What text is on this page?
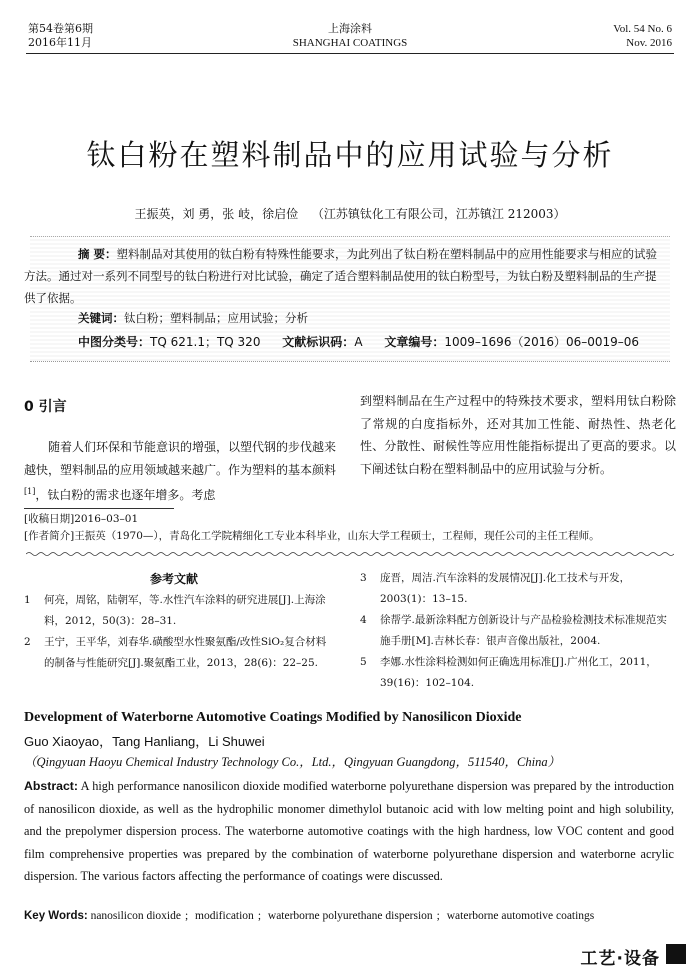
第54卷第6期
2016年11月
上海涂料
SHANGHAI COATINGS
Vol. 54 No. 6
Nov. 2016
钛白粉在塑料制品中的应用试验与分析
王振英，刘 勇，张 岐，徐启俭 （江苏镇钛化工有限公司，江苏镇江 212003）
摘 要：塑料制品对其使用的钛白粉有特殊性能要求，为此列出了钛白粉在塑料制品中的应用性能要求与相应的试验方法。通过对一系列不同型号的钛白粉进行对比试验，确定了适合塑料制品使用的钛白粉型号，为钛白粉及塑料制品的生产提供了依据。
关键词：钛白粉；塑料制品；应用试验；分析
中图分类号：TQ 621.1；TQ 320 文献标识码：A 文章编号：1009–1696（2016）06–0019–06
0 引言
随着人们环保和节能意识的增强，以塑代钢的步伐越来越快，塑料制品的应用领域越来越广。作为塑料的基本颜料[1]，钛白粉的需求也逐年增多。考虑
到塑料制品在生产过程中的特殊技术要求，塑料用钛白粉除了常规的白度指标外，还对其加工性能、耐热性、热老化性、分散性、耐候性等应用性能指标提出了更高的要求。以下阐述钛白粉在塑料制品中的应用试验与分析。
[收稿日期]2016–03–01
[作者简介]王振英（1970—），青岛化工学院精细化工专业本科毕业，山东大学工程硕士，工程师，现任公司的主任工程师。
参考文献
1	何亮，周铭，陆朝军，等.水性汽车涂料的研究进展[J].上海涂料，2012，50(3)：28–31.
2	王宁，王平华，刘春华.磺酸型水性聚氨酯/改性SiO₂复合材料的制备与性能研究[J].聚氨酯工业，2013，28(6)：22–25.
3	庞晋，周洁.汽车涂料的发展情况[J].化工技术与开发，2003(1)：13–15.
4	徐帮学.最新涂料配方创新设计与产品检验检测技术标准规范实施手册[M].吉林长春：银声音像出版社，2004.
5	李娜.水性涂料检测如何正确选用标准[J].广州化工，2011，39(16)：102–104.
Development of Waterborne Automotive Coatings Modified by Nanosilicon Dioxide
Guo Xiaoyao，Tang Hanliang，Li Shuwei
（Qingyuan Haoyu Chemical Industry Technology Co.，Ltd.，Qingyuan Guangdong，511540，China）
Abstract: A high performance nanosilicon dioxide modified waterborne polyurethane dispersion was prepared by the introduction of nanosilicon dioxide, as well as the hydrophilic monomer dimethylol butanoic acid with low melting point and high solubility, and the prepolymer dispersion process. The waterborne automotive coatings with the high hardness, low VOC content and good film comprehensive properties was prepared by the combination of waterborne polyurethane dispersion and waterborne acrylic dispersion. The various factors affecting the performance of coatings were discussed.
Key Words: nanosilicon dioxide ; modification ; waterborne polyurethane dispersion ; waterborne automotive coatings
工艺·设备
